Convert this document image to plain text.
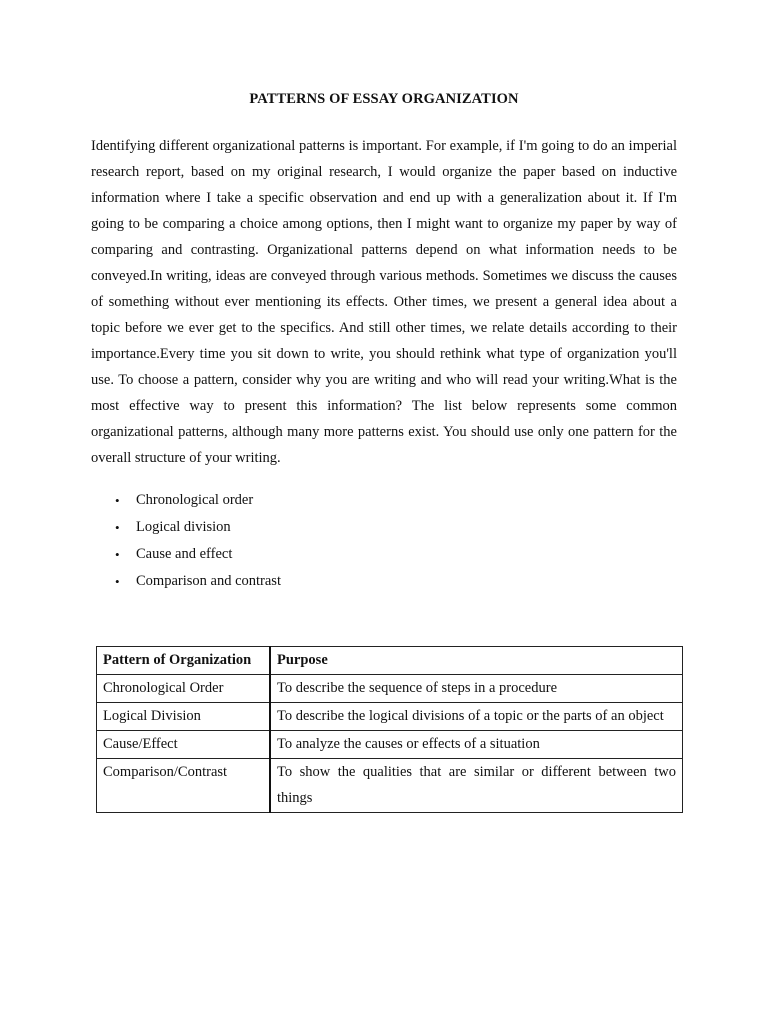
PATTERNS OF ESSAY ORGANIZATION

Identifying different organizational patterns is important. For example, if I'm going to do an imperial research report, based on my original research, I would organize the paper based on inductive information where I take a specific observation and end up with a generalization about it. If I'm going to be comparing a choice among options, then I might want to organize my paper by way of comparing and contrasting. Organizational patterns depend on what information needs to be conveyed.In writing, ideas are conveyed through various methods. Sometimes we discuss the causes of something without ever mentioning its effects. Other times, we present a general idea about a topic before we ever get to the specifics. And still other times, we relate details according to their importance.Every time you sit down to write, you should rethink what type of organization you'll use. To choose a pattern, consider why you are writing and who will read your writing.What is the most effective way to present this information? The list below represents some common organizational patterns, although many more patterns exist. You should use only one pattern for the overall structure of your writing.

• Chronological order
• Logical division
• Cause and effect
• Comparison and contrast
Pattern of Organization	Purpose
Chronological Order	To describe the sequence of steps in a procedure
Logical Division	To describe the logical divisions of a topic or the parts of an object
Cause/Effect	To analyze the causes or effects of a situation
Comparison/Contrast	To show the qualities that are similar or different between two things
